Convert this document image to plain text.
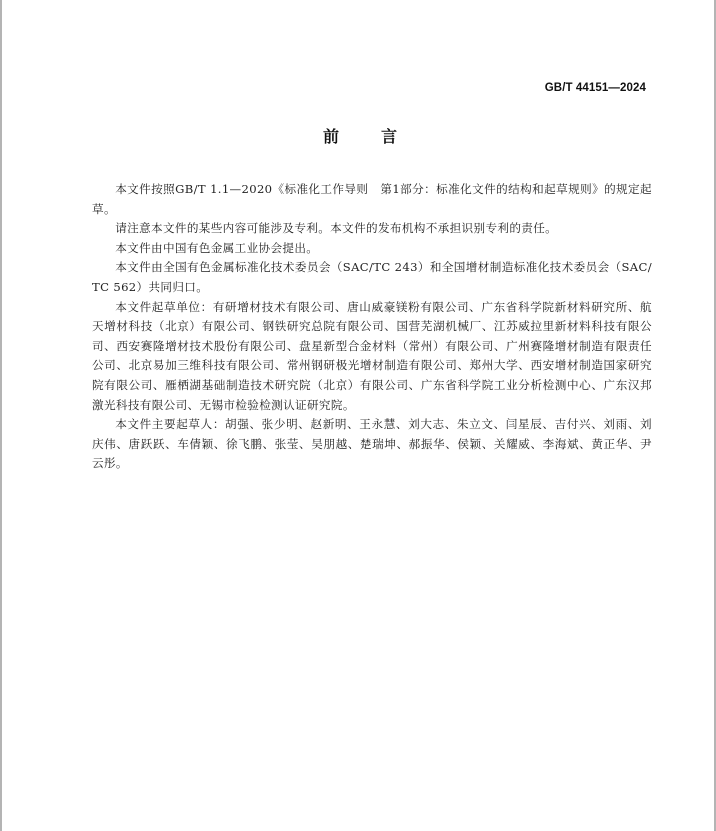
GB/T 44151—2024
前	言

本文件按照GB/T 1.1—2020《标准化工作导则　第1部分：标准化文件的结构和起草规则》的规定起草。

请注意本文件的某些内容可能涉及专利。本文件的发布机构不承担识别专利的责任。

本文件由中国有色金属工业协会提出。

本文件由全国有色金属标准化技术委员会（SAC/TC 243）和全国增材制造标准化技术委员会（SAC/ TC 562）共同归口。

本文件起草单位：有研增材技术有限公司、唐山威豪镁粉有限公司、广东省科学院新材料研究所、航天增材科技（北京）有限公司、钢铁研究总院有限公司、国营芜湖机械厂、江苏威拉里新材料科技有限公司、西安赛隆增材技术股份有限公司、盘星新型合金材料（常州）有限公司、广州赛隆增材制造有限责任公司、北京易加三维科技有限公司、常州钢研极光增材制造有限公司、郑州大学、西安增材制造国家研究院有限公司、雁栖湖基础制造技术研究院（北京）有限公司、广东省科学院工业分析检测中心、广东汉邦激光科技有限公司、无锡市检验检测认证研究院。

本文件主要起草人：胡强、张少明、赵新明、王永慧、刘大志、朱立文、闫星辰、吉付兴、刘雨、刘庆伟、唐跃跃、车倩颖、徐飞鹏、张莹、吴朋越、楚瑞坤、郝振华、侯颖、关耀威、李海斌、黄正华、尹云彤。
